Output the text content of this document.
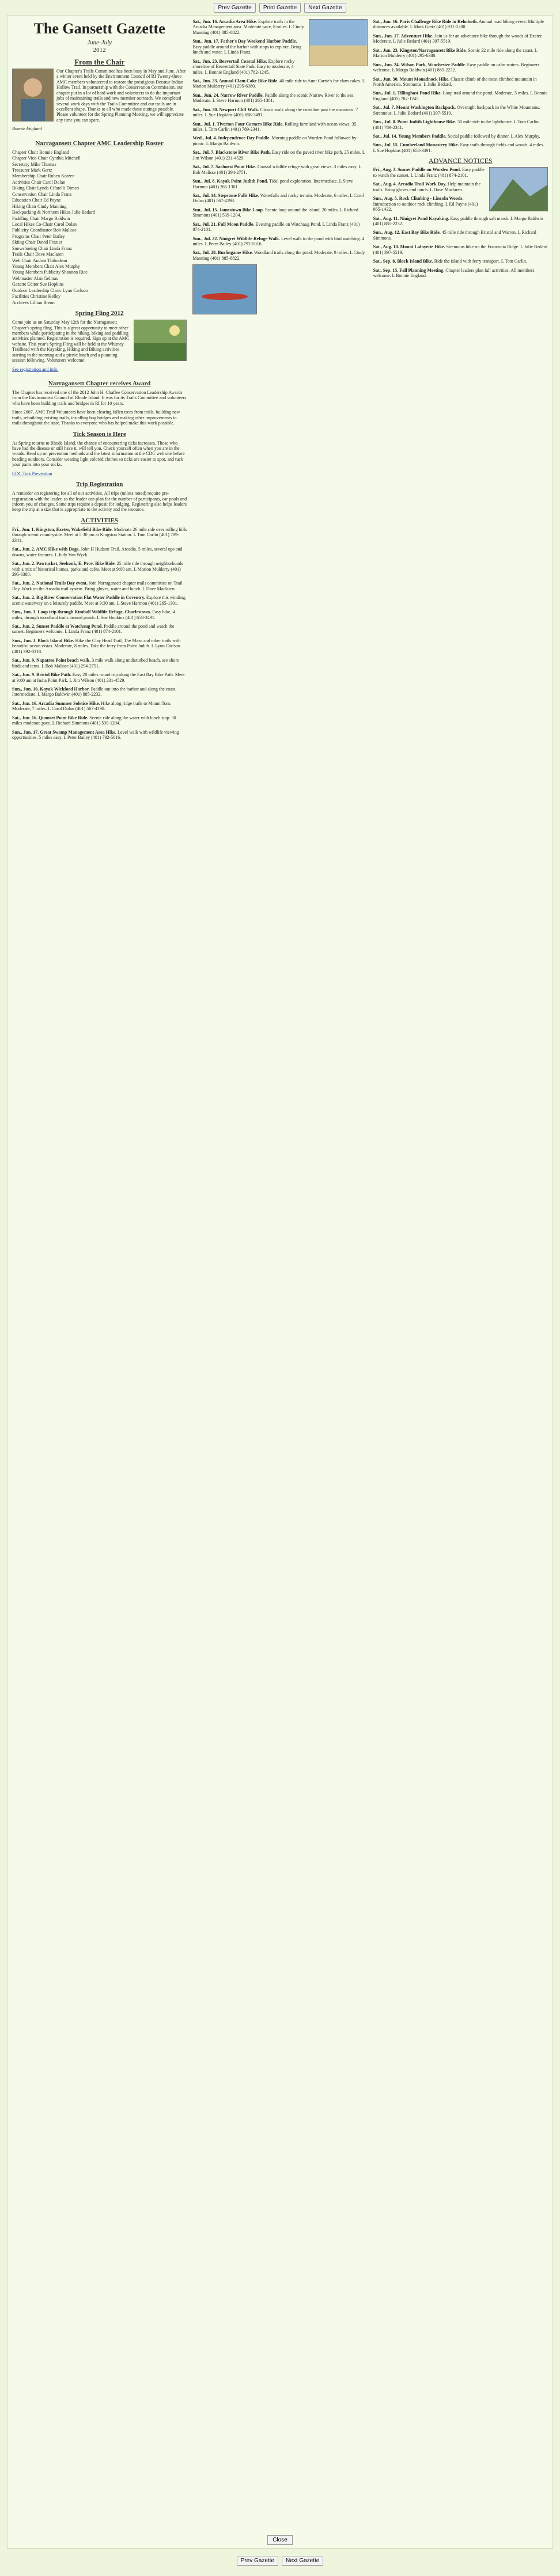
Prev Gazette	Print Gazette	Next Gazette
The Gansett Gazette
June-July
2012
From the Chair

Our Chapter's Trails Committee has been busy in May and June. After a winter event held by the Environment Council of RI Twenty-three AMC members volunteered to restore the prestigious Decatur Indian Hollow Trail. In partnership with the Conservation Commission, our chapter put in a lot of hard work and volunteers to do the important jobs of maintaining trails and new member outreach. We completed several work days with the Trails Committee and our trails are in excellent shape. Thanks to all who made these outings possible. Please volunteer for the Spring Planning Meeting, we will appreciate any time you can spare.

Bonnie England

Narragansett Chapter AMC Leadership Roster
Chapter Chair Bonnie England
Chapter Vice-Chair Cynthia Mitchell
Secretary Mike Thomas
Treasurer Mark Gertz
Membership Chair Ruben Kotzen
Activities Chair Carol Dolan
Biking Chair Lynda Cifarelli Dimeo
Conservation Chair Linda Franz
Education Chair Ed Payne
Hiking Chair Cindy Manning
Backpacking & Northern Hikes Julie Bedard
Paddling Chair Margo Baldwin
Local Hikes Co-Chair Carol Dolan
Publicity Coordinator Bob Malisse
Programs Chair Peter Bailey
Skiing Chair David Frazier
Snowshoeing Chair Linda Franz
Trails Chair Dave Maclaren
Web Chair Andrea Thibodeau
Young Members Chair Alex Murphy
Young Members Publicity Shannon Rice
Webmaster Alan Gelinas
Gazette Editor Sue Hopkins
Outdoor Leadership Clinic Lynn Carlson
Facilities Christine Kelley
Archives Lillian Brenn
Spring Fling 2012

Come join us on Saturday May 12th for the Narragansett Chapter's spring fling. This is a great opportunity to meet other members while participating in the hiking, biking and paddling activities planned. Registration is required. Sign up at the AMC website. This year's Spring Fling will be held at the Whitney Trailhead with the Kayaking, Hiking and Biking activities starting in the morning and a picnic lunch and a planning session following. Volunteers welcome!

See registration and info.

Narragansett Chapter receives Award

The Chapter has received one of the 2012 John H. Chaffee Conservation Leadership Awards from the Environment Council of Rhode Island. It was for its Trails Committee and volunteers who have been building trails and bridges in RI for 10 years.

Since 2007, AMC Trail Volunteers have been clearing fallen trees from trails, building new trails, rebuilding existing trails, installing bog bridges and making other improvements to trails throughout the state. Thanks to everyone who has helped make this work possible.

Tick Season is Here

As Spring returns to Rhode Island, the chance of encountering ticks increases. Those who have had the disease or still have it, will tell you. Check yourself often when you are in the woods. Read up on prevention methods and the latest information at the CDC web site before heading outdoors. Consider wearing light colored clothes so ticks are easier to spot, and tuck your pants into your socks.

CDC Tick Prevention

Trip Registration

A reminder on registering for all of our activities. All trips (unless noted) require pre-registration with the leader, so the leader can plan for the number of participants, car pools and inform you of changes. Some trips require a deposit for lodging. Registering also helps leaders keep the trip at a size that is appropriate to the activity and the resource.

ACTIVITIES
Fri., Jun. 1. Kingston, Exeter, Wakefield Bike Ride. Moderate 26 mile ride over rolling hills through scenic countryside. Meet at 5:30 pm at Kingston Station. L Tom Carlin (401) 789-2341.
Sat., Jun. 2. AMC Hike with Dogs. John H Hudson Trail, Arcadia. 5 miles, several ups and downs, water features. L Judy Van Wyck.
Sat., Jun. 2. Pawtucket, Seekonk, E. Prov. Bike Ride. 25 mile ride through neighborhoods with a mix of historical homes, parks and cafes. Meet at 9:00 am. L Marion Mulderry (401) 295-6380.
Sat., Jun. 2. National Trails Day event. Join Narragansett chapter trails committee on Trail Day. Work on the Arcadia trail system. Bring gloves, water and lunch. L Dave Maclaren.
Sat., Jun. 2. Big River Conservation Flat Water Paddle in Coventry. Explore this winding, scenic waterway on a leisurely paddle. Meet at 9:30 am. L Steve Harmon (401) 265-1301.
Sun., Jun. 3. Loop trip through Kimball Wildlife Refuge, Charlestown. Easy hike, 4 miles, through woodland trails around ponds. L Sue Hopkins (401) 658-3491.
Sat., Jun. 2. Sunset Paddle at Watchaug Pond. Paddle around the pond and watch the sunset. Beginners welcome. L Linda Franz (401) 874-2101.
Sun., Jun. 3. Block Island Hike. Hike the Clay Head Trail, The Maze and other trails with beautiful ocean vistas. Moderate, 8 miles. Take the ferry from Point Judith. L Lynn Carlson (401) 392-0318.
Sat., Jun. 9. Napatree Point beach walk. 3 mile walk along undisturbed beach, see shore birds and terns. L Bob Malisse (401) 294-2751.
Sat., Jun. 9. Bristol Bike Path. Easy 28 miles round trip along the East Bay Bike Path. Meet at 9:00 am at India Point Park. L Jim Wilson (401) 231-4529.
Sun., Jun. 10. Kayak Wickford Harbor. Paddle out into the harbor and along the coast. Intermediate. L Margo Baldwin (401) 885-2232.
Sat., Jun. 16. Arcadia Summer Solstice Hike. Hike along ridge trails to Mount Tom. Moderate, 7 miles. L Carol Dolan (401) 567-4198.
Sat., Jun. 16. Quonset Point Bike Ride. Scenic ride along the water with lunch stop. 30 miles moderate pace. L Richard Simmons (401) 539-1204.
Sun., Jun. 17. Great Swamp Management Area Hike. Level walk with wildlife viewing opportunities. 5 miles easy. L Peter Bailey (401) 792-5016.
Sat., Jun. 16. Arcadia Area Hike. Explore trails in the Arcadia Management area. Moderate pace, 8 miles. L Cindy Manning (401) 885-8822.
Sun., Jun. 17. Father's Day Weekend Harbor Paddle. Easy paddle around the harbor with stops to explore. Bring lunch and water. L Linda Franz.
Sat., Jun. 23. Beavertail Coastal Hike. Explore rocky shoreline of Beavertail State Park. Easy to moderate, 4 miles. L Bonnie England (401) 782-1245.
Sat., Jun. 23. Annual Clam Cake Bike Ride. 40 mile ride to Aunt Carrie's for clam cakes. L Marion Mulderry (401) 295-6380.
Sun., Jun. 24. Narrow River Paddle. Paddle along the scenic Narrow River to the sea. Moderate. L Steve Harmon (401) 265-1301.
Sat., Jun. 30. Newport Cliff Walk. Classic walk along the coastline past the mansions. 7 miles. L Sue Hopkins (401) 658-3491.
Sun., Jul. 1. Tiverton Four Corners Bike Ride. Rolling farmland with ocean views. 35 miles. L Tom Carlin (401) 789-2341.
Wed., Jul. 4. Independence Day Paddle. Morning paddle on Worden Pond followed by picnic. L Margo Baldwin.
Sat., Jul. 7. Blackstone River Bike Path. Easy ride on the paved river bike path. 25 miles. L Jim Wilson (401) 231-4529.
Sat., Jul. 7. Sachuest Point Hike. Coastal wildlife refuge with great views. 3 miles easy. L Bob Malisse (401) 294-2751.
Sun., Jul. 8. Kayak Point Judith Pond. Tidal pond exploration. Intermediate. L Steve Harmon (401) 265-1301.
Sat., Jul. 14. Stepstone Falls Hike. Waterfalls and rocky terrain. Moderate, 6 miles. L Carol Dolan (401) 567-4198.
Sun., Jul. 15. Jamestown Bike Loop. Scenic loop around the island. 20 miles. L Richard Simmons (401) 539-1204.
Sat., Jul. 21. Full Moon Paddle. Evening paddle on Watchaug Pond. L Linda Franz (401) 874-2101.
Sun., Jul. 22. Ninigret Wildlife Refuge Walk. Level walk to the pond with bird watching. 4 miles. L Peter Bailey (401) 792-5016.
Sat., Jul. 28. Burlingame Hike. Woodland trails along the pond. Moderate, 9 miles. L Cindy Manning (401) 885-8822.
Sat., Jun. 16. Paris Challenge Bike Ride in Rehoboth. Annual road biking event. Multiple distances available. L Mark Gertz (401) 831-2200.
Sun., Jun. 17. Adventure Hike. Join us for an adventure hike through the woods of Exeter. Moderate. L Julie Bedard (401) 397-5519.
Sat., Jun. 23. Kingston/Narragansett Bike Ride. Scenic 32 mile ride along the coast. L Marion Mulderry (401) 295-6380.
Sun., Jun. 24. Wilson Park, Winchester Paddle. Easy paddle on calm waters. Beginners welcome. L Margo Baldwin (401) 885-2232.
Sat., Jun. 30. Mount Monadnock Hike. Classic climb of the most climbed mountain in North America. Strenuous. L Julie Bedard.
Sun., Jul. 1. Tillinghast Pond Hike. Loop trail around the pond. Moderate, 5 miles. L Bonnie England (401) 782-1245.
Sat., Jul. 7. Mount Washington Backpack. Overnight backpack in the White Mountains. Strenuous. L Julie Bedard (401) 397-5519.
Sun., Jul. 8. Point Judith Lighthouse Bike. 30 mile ride to the lighthouse. L Tom Carlin (401) 789-2341.
Sat., Jul. 14. Young Members Paddle. Social paddle followed by dinner. L Alex Murphy.
Sun., Jul. 15. Cumberland Monastery Hike. Easy trails through fields and woods. 4 miles. L Sue Hopkins (401) 658-3491.
ADVANCE NOTICES
Fri., Aug. 3. Sunset Paddle on Worden Pond. Easy paddle to watch the sunset. L Linda Franz (401) 874-2101.
Sat., Aug. 4. Arcadia Trail Work Day. Help maintain the trails. Bring gloves and lunch. L Dave Maclaren.
Sun., Aug. 5. Rock Climbing - Lincoln Woods. Introduction to outdoor rock climbing. L Ed Payne (401) 965-1432.
Sat., Aug. 11. Ninigret Pond Kayaking. Easy paddle through salt marsh. L Margo Baldwin (401) 885-2232.
Sun., Aug. 12. East Bay Bike Ride. 45 mile ride through Bristol and Warren. L Richard Simmons.
Sat., Aug. 18. Mount Lafayette Hike. Strenuous hike on the Franconia Ridge. L Julie Bedard (401) 397-5519.
Sat., Sep. 8. Block Island Bike. Ride the island with ferry transport. L Tom Carlin.
Sat., Sep. 15. Fall Planning Meeting. Chapter leaders plan fall activities. All members welcome. L Bonnie England.
Close
Prev Gazette	Next Gazette
